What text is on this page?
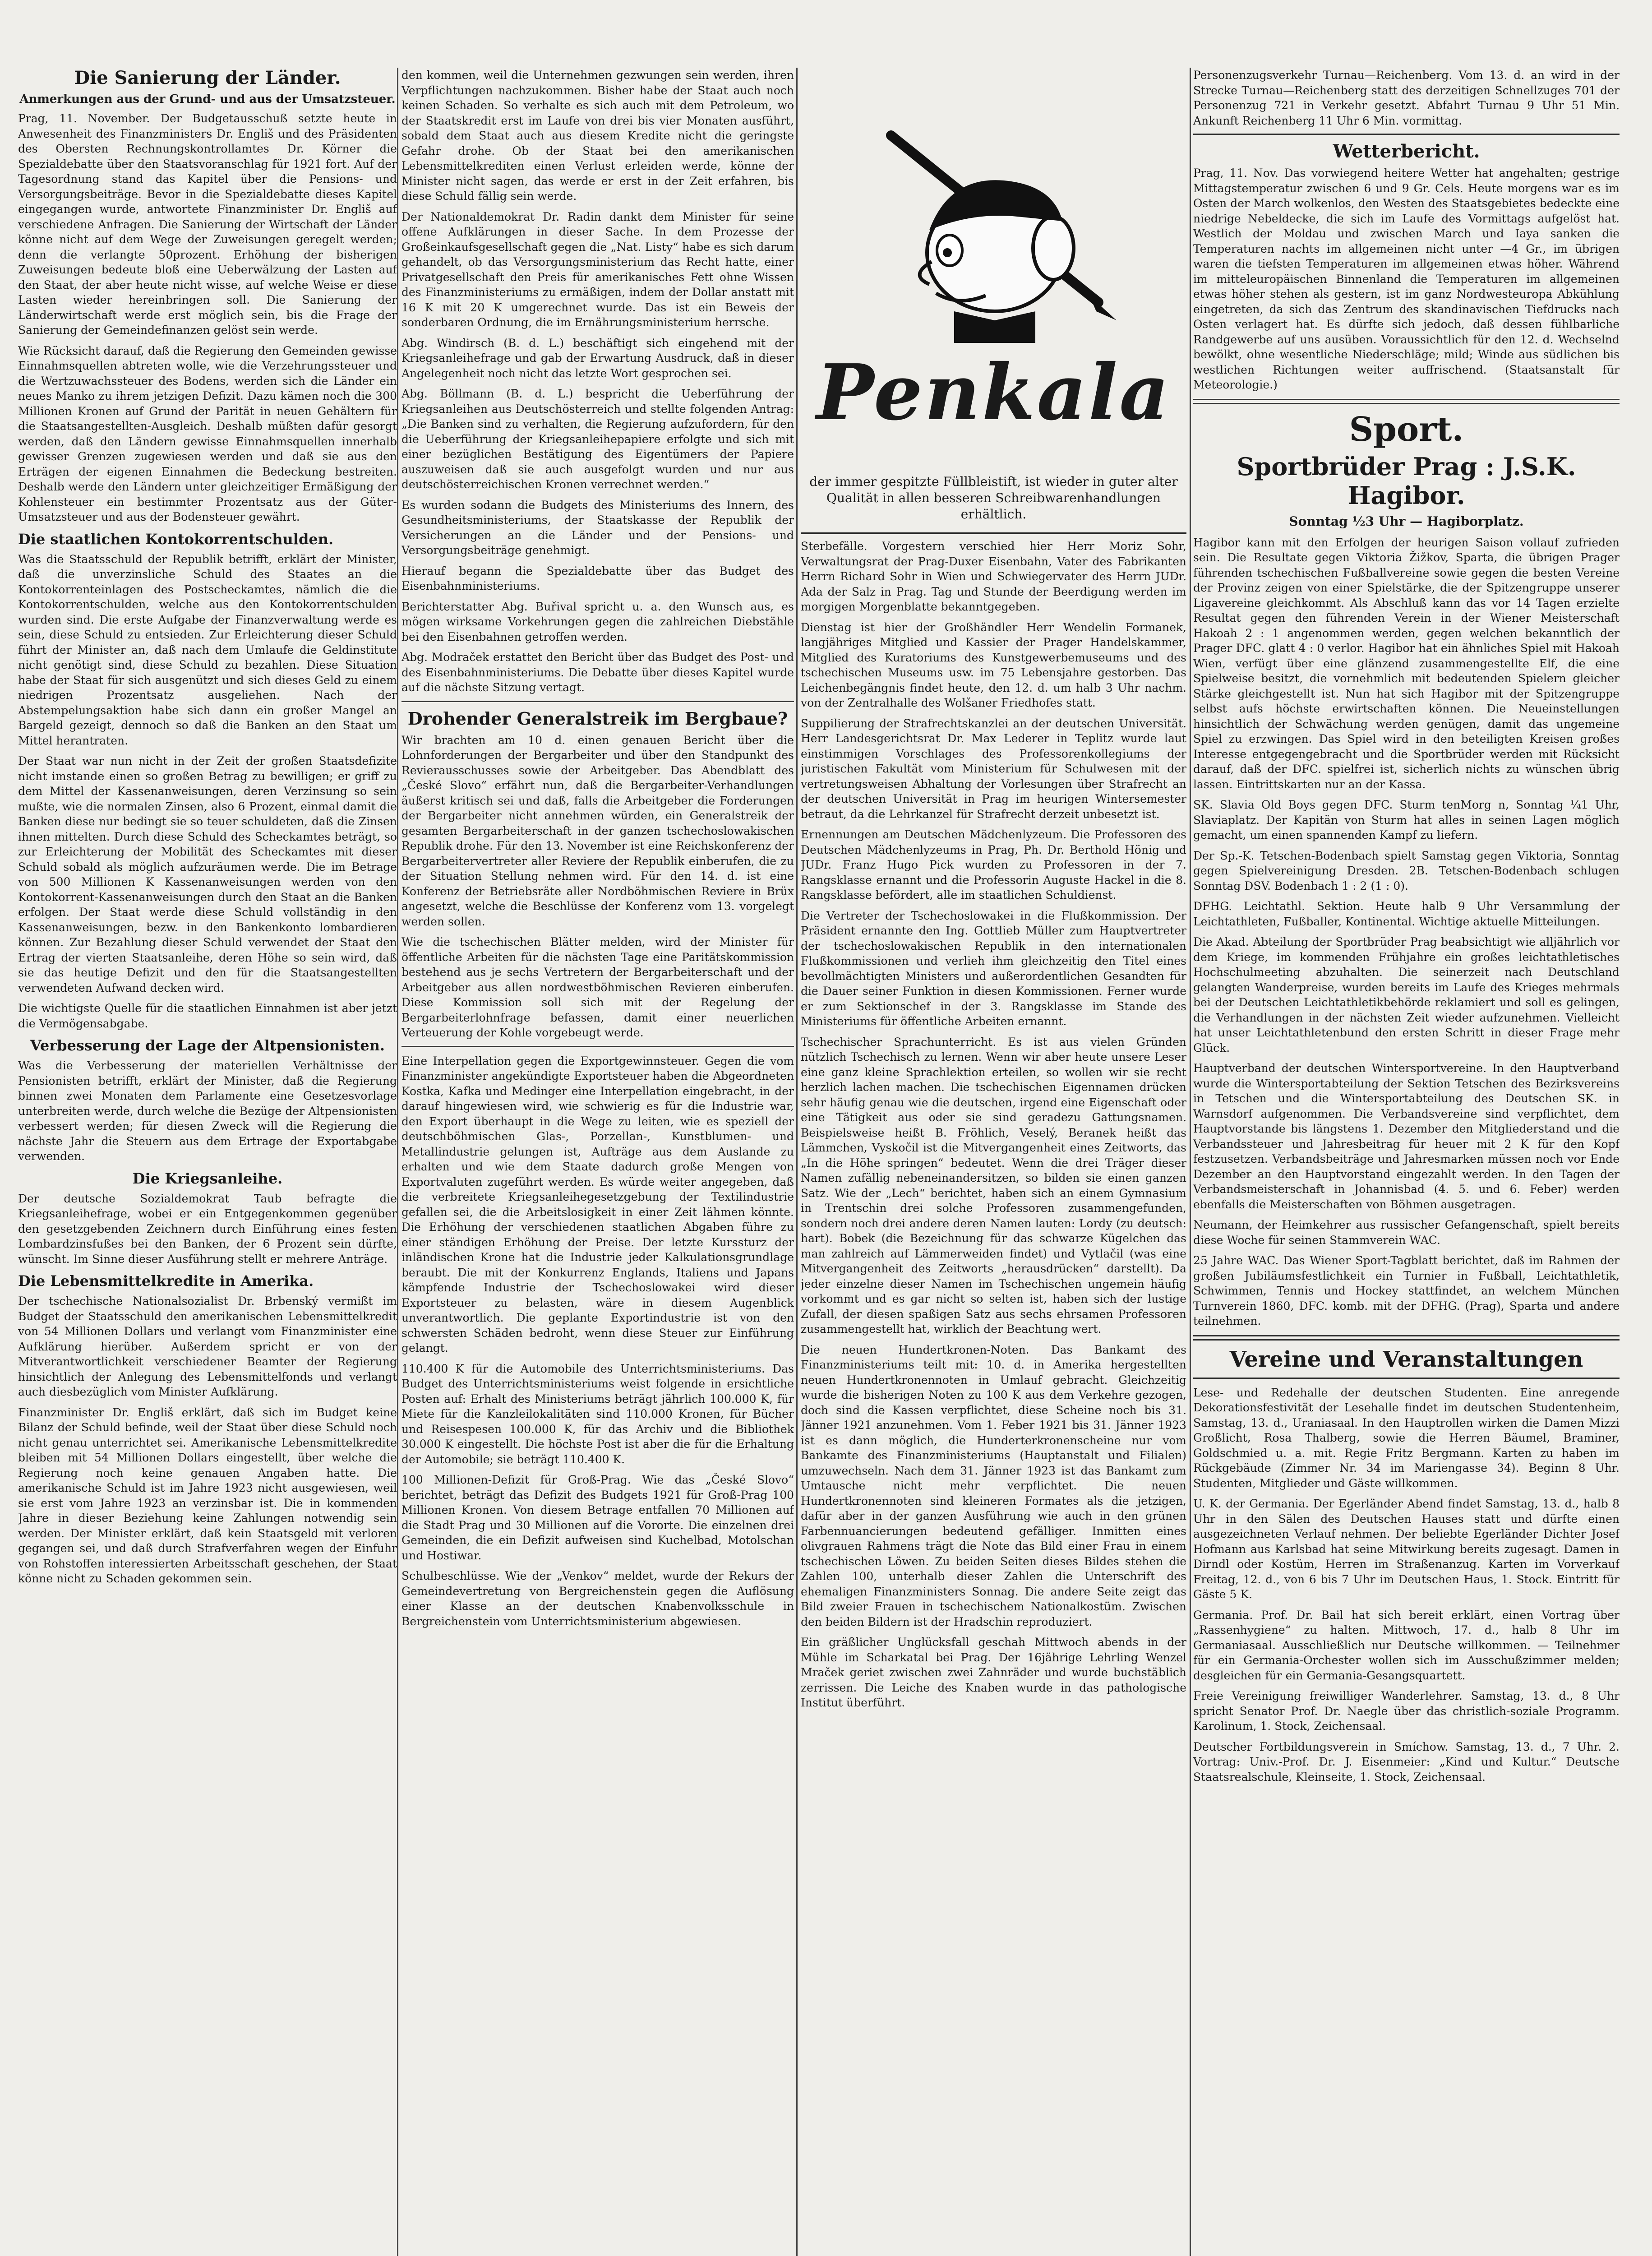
Die Sanierung der Länder.
Anmerkungen aus der Grund- und aus der Umsatzsteuer.
Prag, 11. November. Der Budgetausschuß setzte heute in Anwesenheit des Finanzministers Dr. Engliš und des Präsidenten des Obersten Rechnungskontrollamtes Dr. Körner die Spezialdebatte über den Staatsvoranschlag für 1921 fort. Auf der Tagesordnung stand das Kapitel über die Pensions- und Versorgungsbeiträge. Bevor in die Spezialdebatte dieses Kapitel eingegangen wurde, antwortete Finanzminister Dr. Engliš auf verschiedene Anfragen. Die Sanierung der Wirtschaft der Länder könne nicht auf dem Wege der Zuweisungen geregelt werden; denn die verlangte 50prozent. Erhöhung der bisherigen Zuweisungen bedeute bloß eine Ueberwälzung der Lasten auf den Staat, der aber heute nicht wisse, auf welche Weise er diese Lasten wieder hereinbringen soll. Die Sanierung der Länderwirtschaft werde erst möglich sein, bis die Frage der Sanierung der Gemeindefinanzen gelöst sein werde.
Wie Rücksicht darauf, daß die Regierung den Gemeinden gewisse Einnahmsquellen abtreten wolle, wie die Verzehrungssteuer und die Wertzuwachssteuer des Bodens, werden sich die Länder ein neues Manko zu ihrem jetzigen Defizit. Dazu kämen noch die 300 Millionen Kronen auf Grund der Parität in neuen Gehältern für die Staatsangestellten-Ausgleich. Deshalb müßten dafür gesorgt werden, daß den Ländern gewisse Einnahmsquellen innerhalb gewisser Grenzen zugewiesen werden und daß sie aus den Erträgen der eigenen Einnahmen die Bedeckung bestreiten. Deshalb werde den Ländern unter gleichzeitiger Ermäßigung der Kohlensteuer ein bestimmter Prozentsatz aus der Güter-Umsatzsteuer und aus der Bodensteuer gewährt.
Die staatlichen Kontokorrentschulden.
Was die Staatsschuld der Republik betrifft, erklärt der Minister, daß die unverzinsliche Schuld des Staates an die Kontokorrenteinlagen des Postscheckamtes, nämlich die die Kontokorrentschulden, welche aus den Kontokorrentschulden wurden sind. Die erste Aufgabe der Finanzverwaltung werde es sein, diese Schuld zu entsieden. Zur Erleichterung dieser Schuld führt der Minister an, daß nach dem Umlaufe die Geldinstitute nicht genötigt sind, diese Schuld zu bezahlen. Diese Situation habe der Staat für sich ausgenützt und sich dieses Geld zu einem niedrigen Prozentsatz ausgeliehen. Nach der Abstempelungsaktion habe sich dann ein großer Mangel an Bargeld gezeigt, dennoch so daß die Banken an den Staat um Mittel herantraten.
Der Staat war nun nicht in der Zeit der großen Staatsdefizite nicht imstande einen so großen Betrag zu bewilligen; er griff zu dem Mittel der Kassenanweisungen, deren Verzinsung so sein mußte, wie die normalen Zinsen, also 6 Prozent, einmal damit die Banken diese nur bedingt sie so teuer schuldeten, daß die Zinsen ihnen mittelten. Durch diese Schuld des Scheckamtes beträgt, so zur Erleichterung der Mobilität des Scheckamtes mit dieser Schuld sobald als möglich aufzuräumen werde. Die im Betrage von 500 Millionen K Kassenanweisungen werden von den Kontokorrent-Kassenanweisungen durch den Staat an die Banken erfolgen. Der Staat werde diese Schuld vollständig in den Kassenanweisungen, bezw. in den Bankenkonto lombardieren können. Zur Bezahlung dieser Schuld verwendet der Staat den Ertrag der vierten Staatsanleihe, deren Höhe so sein wird, daß sie das heutige Defizit und den für die Staatsangestellten verwendeten Aufwand decken wird.
Die wichtigste Quelle für die staatlichen Einnahmen ist aber jetzt die Vermögensabgabe.
Verbesserung der Lage der Altpensionisten.
Was die Verbesserung der materiellen Verhältnisse der Pensionisten betrifft, erklärt der Minister, daß die Regierung binnen zwei Monaten dem Parlamente eine Gesetzesvorlage unterbreiten werde, durch welche die Bezüge der Altpensionisten verbessert werden; für diesen Zweck will die Regierung die nächste Jahr die Steuern aus dem Ertrage der Exportabgabe verwenden.
Die Kriegsanleihe.
Der deutsche Sozialdemokrat Taub befragte die Kriegsanleihefrage, wobei er ein Entgegenkommen gegenüber den gesetzgebenden Zeichnern durch Einführung eines festen Lombardzinsfußes bei den Banken, der 6 Prozent sein dürfte, wünscht. Im Sinne dieser Ausführung stellt er mehrere Anträge.
Die Lebensmittelkredite in Amerika.
Der tschechische Nationalsozialist Dr. Brbenský vermißt im Budget der Staatsschuld den amerikanischen Lebensmittelkredit von 54 Millionen Dollars und verlangt vom Finanzminister eine Aufklärung hierüber. Außerdem spricht er von der Mitverantwortlichkeit verschiedener Beamter der Regierung hinsichtlich der Anlegung des Lebensmittelfonds und verlangt auch diesbezüglich vom Minister Aufklärung.
Finanzminister Dr. Engliš erklärt, daß sich im Budget keine Bilanz der Schuld befinde, weil der Staat über diese Schuld noch nicht genau unterrichtet sei. Amerikanische Lebensmittelkredite bleiben mit 54 Millionen Dollars eingestellt, über welche die Regierung noch keine genauen Angaben hatte. Die amerikanische Schuld ist im Jahre 1923 nicht ausgewiesen, weil sie erst vom Jahre 1923 an verzinsbar ist. Die in kommenden Jahre in dieser Beziehung keine Zahlungen notwendig sein werden. Der Minister erklärt, daß kein Staatsgeld mit verloren gegangen sei, und daß durch Strafverfahren wegen der Einfuhr von Rohstoffen interessierten Arbeitsschaft geschehen, der Staat könne nicht zu Schaden gekommen sein.
den kommen, weil die Unternehmen gezwungen sein werden, ihren Verpflichtungen nachzukommen. Bisher habe der Staat auch noch keinen Schaden. So verhalte es sich auch mit dem Petroleum, wo der Staatskredit erst im Laufe von drei bis vier Monaten ausführt, sobald dem Staat auch aus diesem Kredite nicht die geringste Gefahr drohe. Ob der Staat bei den amerikanischen Lebensmittelkrediten einen Verlust erleiden werde, könne der Minister nicht sagen, das werde er erst in der Zeit erfahren, bis diese Schuld fällig sein werde.
Der Nationaldemokrat Dr. Radin dankt dem Minister für seine offene Aufklärungen in dieser Sache. In dem Prozesse der Großeinkaufsgesellschaft gegen die „Nat. Listy“ habe es sich darum gehandelt, ob das Versorgungsministerium das Recht hatte, einer Privatgesellschaft den Preis für amerikanisches Fett ohne Wissen des Finanzministeriums zu ermäßigen, indem der Dollar anstatt mit 16 K mit 20 K umgerechnet wurde. Das ist ein Beweis der sonderbaren Ordnung, die im Ernährungsministerium herrsche.
Abg. Windirsch (B. d. L.) beschäftigt sich eingehend mit der Kriegsanleihefrage und gab der Erwartung Ausdruck, daß in dieser Angelegenheit noch nicht das letzte Wort gesprochen sei.
Abg. Böllmann (B. d. L.) bespricht die Ueberführung der Kriegsanleihen aus Deutschösterreich und stellte folgenden Antrag: „Die Banken sind zu verhalten, die Regierung aufzufordern, für den die Ueberführung der Kriegsanleihepapiere erfolgte und sich mit einer bezüglichen Bestätigung des Eigentümers der Papiere auszuweisen daß sie auch ausgefolgt wurden und nur aus deutschösterreichischen Kronen verrechnet werden.“
Es wurden sodann die Budgets des Ministeriums des Innern, des Gesundheitsministeriums, der Staatskasse der Republik der Versicherungen an die Länder und der Pensions- und Versorgungsbeiträge genehmigt.
Hierauf begann die Spezialdebatte über das Budget des Eisenbahnministeriums.
Berichterstatter Abg. Buřival spricht u. a. den Wunsch aus, es mögen wirksame Vorkehrungen gegen die zahlreichen Diebstähle bei den Eisenbahnen getroffen werden.
Abg. Modraček erstattet den Bericht über das Budget des Post- und des Eisenbahnministeriums. Die Debatte über dieses Kapitel wurde auf die nächste Sitzung vertagt.
Drohender Generalstreik im Bergbaue?
Wir brachten am 10 d. einen genauen Bericht über die Lohnforderungen der Bergarbeiter und über den Standpunkt des Revierausschusses sowie der Arbeitgeber. Das Abendblatt des „České Slovo“ erfährt nun, daß die Bergarbeiter-Verhandlungen äußerst kritisch sei und daß, falls die Arbeitgeber die Forderungen der Bergarbeiter nicht annehmen würden, ein Generalstreik der gesamten Bergarbeiterschaft in der ganzen tschechoslowakischen Republik drohe. Für den 13. November ist eine Reichskonferenz der Bergarbeitervertreter aller Reviere der Republik einberufen, die zu der Situation Stellung nehmen wird. Für den 14. d. ist eine Konferenz der Betriebsräte aller Nordböhmischen Reviere in Brüx angesetzt, welche die Beschlüsse der Konferenz vom 13. vorgelegt werden sollen.
Wie die tschechischen Blätter melden, wird der Minister für öffentliche Arbeiten für die nächsten Tage eine Paritätskommission bestehend aus je sechs Vertretern der Bergarbeiterschaft und der Arbeitgeber aus allen nordwestböhmischen Revieren einberufen. Diese Kommission soll sich mit der Regelung der Bergarbeiterlohnfrage befassen, damit einer neuerlichen Verteuerung der Kohle vorgebeugt werde.
Eine Interpellation gegen die Exportgewinnsteuer. Gegen die vom Finanzminister angekündigte Exportsteuer haben die Abgeordneten Kostka, Kafka und Medinger eine Interpellation eingebracht, in der darauf hingewiesen wird, wie schwierig es für die Industrie war, den Export überhaupt in die Wege zu leiten, wie es speziell der deutschböhmischen Glas-, Porzellan-, Kunstblumen- und Metallindustrie gelungen ist, Aufträge aus dem Auslande zu erhalten und wie dem Staate dadurch große Mengen von Exportvaluten zugeführt werden. Es würde weiter angegeben, daß die verbreitete Kriegsanleihegesetzgebung der Textilindustrie gefallen sei, die die Arbeitslosigkeit in einer Zeit lähmen könnte. Die Erhöhung der verschiedenen staatlichen Abgaben führe zu einer ständigen Erhöhung der Preise. Der letzte Kurssturz der inländischen Krone hat die Industrie jeder Kalkulationsgrundlage beraubt. Die mit der Konkurrenz Englands, Italiens und Japans kämpfende Industrie der Tschechoslowakei wird dieser Exportsteuer zu belasten, wäre in diesem Augenblick unverantwortlich. Die geplante Exportindustrie ist von den schwersten Schäden bedroht, wenn diese Steuer zur Einführung gelangt.
110.400 K für die Automobile des Unterrichtsministeriums. Das Budget des Unterrichtsministeriums weist folgende in ersichtliche Posten auf: Erhalt des Ministeriums beträgt jährlich 100.000 K, für Miete für die Kanzleilokalitäten sind 110.000 Kronen, für Bücher und Reisespesen 100.000 K, für das Archiv und die Bibliothek 30.000 K eingestellt. Die höchste Post ist aber die für die Erhaltung der Automobile; sie beträgt 110.400 K.
100 Millionen-Defizit für Groß-Prag. Wie das „České Slovo“ berichtet, beträgt das Defizit des Budgets 1921 für Groß-Prag 100 Millionen Kronen. Von diesem Betrage entfallen 70 Millionen auf die Stadt Prag und 30 Millionen auf die Vororte. Die einzelnen drei Gemeinden, die ein Defizit aufweisen sind Kuchelbad, Motolschan und Hostiwar.
Schulbeschlüsse. Wie der „Venkov“ meldet, wurde der Rekurs der Gemeindevertretung von Bergreichenstein gegen die Auflösung einer Klasse an der deutschen Knabenvolksschule in Bergreichenstein vom Unterrichtsministerium abgewiesen.
Penkala
der immer gespitzte Füllbleistift, ist wieder in guter alter Qualität in allen besseren Schreibwarenhandlungen erhältlich.
Sterbefälle. Vorgestern verschied hier Herr Moriz Sohr, Verwaltungsrat der Prag-Duxer Eisenbahn, Vater des Fabrikanten Herrn Richard Sohr in Wien und Schwiegervater des Herrn JUDr. Ada der Salz in Prag. Tag und Stunde der Beerdigung werden im morgigen Morgenblatte bekanntgegeben.
Dienstag ist hier der Großhändler Herr Wendelin Formanek, langjähriges Mitglied und Kassier der Prager Handelskammer, Mitglied des Kuratoriums des Kunstgewerbemuseums und des tschechischen Museums usw. im 75 Lebensjahre gestorben. Das Leichenbegängnis findet heute, den 12. d. um halb 3 Uhr nachm. von der Zentralhalle des Wolšaner Friedhofes statt.
Suppilierung der Strafrechtskanzlei an der deutschen Universität. Herr Landesgerichtsrat Dr. Max Lederer in Teplitz wurde laut einstimmigen Vorschlages des Professorenkollegiums der juristischen Fakultät vom Ministerium für Schulwesen mit der vertretungsweisen Abhaltung der Vorlesungen über Strafrecht an der deutschen Universität in Prag im heurigen Wintersemester betraut, da die Lehrkanzel für Strafrecht derzeit unbesetzt ist.
Ernennungen am Deutschen Mädchenlyzeum. Die Professoren des Deutschen Mädchenlyzeums in Prag, Ph. Dr. Berthold Hönig und JUDr. Franz Hugo Pick wurden zu Professoren in der 7. Rangsklasse ernannt und die Professorin Auguste Hackel in die 8. Rangsklasse befördert, alle im staatlichen Schuldienst.
Die Vertreter der Tschechoslowakei in die Flußkommission. Der Präsident ernannte den Ing. Gottlieb Müller zum Hauptvertreter der tschechoslowakischen Republik in den internationalen Flußkommissionen und verlieh ihm gleichzeitig den Titel eines bevollmächtigten Ministers und außerordentlichen Gesandten für die Dauer seiner Funktion in diesen Kommissionen. Ferner wurde er zum Sektionschef in der 3. Rangsklasse im Stande des Ministeriums für öffentliche Arbeiten ernannt.
Tschechischer Sprachunterricht. Es ist aus vielen Gründen nützlich Tschechisch zu lernen. Wenn wir aber heute unsere Leser eine ganz kleine Sprachlektion erteilen, so wollen wir sie recht herzlich lachen machen. Die tschechischen Eigennamen drücken sehr häufig genau wie die deutschen, irgend eine Eigenschaft oder eine Tätigkeit aus oder sie sind geradezu Gattungsnamen. Beispielsweise heißt B. Fröhlich, Veselý, Beranek heißt das Lämmchen, Vyskočil ist die Mitvergangenheit eines Zeitworts, das „In die Höhe springen“ bedeutet. Wenn die drei Träger dieser Namen zufällig nebeneinandersitzen, so bilden sie einen ganzen Satz. Wie der „Lech“ berichtet, haben sich an einem Gymnasium in Trentschin drei solche Professoren zusammengefunden, sondern noch drei andere deren Namen lauten: Lordy (zu deutsch: hart). Bobek (die Bezeichnung für das schwarze Kügelchen das man zahlreich auf Lämmerweiden findet) und Vytlačil (was eine Mitvergangenheit des Zeitworts „herausdrücken“ darstellt). Da jeder einzelne dieser Namen im Tschechischen ungemein häufig vorkommt und es gar nicht so selten ist, haben sich der lustige Zufall, der diesen spaßigen Satz aus sechs ehrsamen Professoren zusammengestellt hat, wirklich der Beachtung wert.
Die neuen Hundertkronen-Noten. Das Bankamt des Finanzministeriums teilt mit: 10. d. in Amerika hergestellten neuen Hundertkronennoten in Umlauf gebracht. Gleichzeitig wurde die bisherigen Noten zu 100 K aus dem Verkehre gezogen, doch sind die Kassen verpflichtet, diese Scheine noch bis 31. Jänner 1921 anzunehmen. Vom 1. Feber 1921 bis 31. Jänner 1923 ist es dann möglich, die Hunderterkronenscheine nur vom Bankamte des Finanzministeriums (Hauptanstalt und Filialen) umzuwechseln. Nach dem 31. Jänner 1923 ist das Bankamt zum Umtausche nicht mehr verpflichtet. Die neuen Hundertkronennoten sind kleineren Formates als die jetzigen, dafür aber in der ganzen Ausführung wie auch in den grünen Farbennuancierungen bedeutend gefälliger. Inmitten eines olivgrauen Rahmens trägt die Note das Bild einer Frau in einem tschechischen Löwen. Zu beiden Seiten dieses Bildes stehen die Zahlen 100, unterhalb dieser Zahlen die Unterschrift des ehemaligen Finanzministers Sonnag. Die andere Seite zeigt das Bild zweier Frauen in tschechischem Nationalkostüm. Zwischen den beiden Bildern ist der Hradschin reproduziert.
Ein gräßlicher Unglücksfall geschah Mittwoch abends in der Mühle im Scharkatal bei Prag. Der 16jährige Lehrling Wenzel Mraček geriet zwischen zwei Zahnräder und wurde buchstäblich zerrissen. Die Leiche des Knaben wurde in das pathologische Institut überführt.
Personenzugsverkehr Turnau—Reichenberg. Vom 13. d. an wird in der Strecke Turnau—Reichenberg statt des derzeitigen Schnellzuges 701 der Personenzug 721 in Verkehr gesetzt. Abfahrt Turnau 9 Uhr 51 Min. Ankunft Reichenberg 11 Uhr 6 Min. vormittag.
Wetterbericht.
Prag, 11. Nov. Das vorwiegend heitere Wetter hat angehalten; gestrige Mittagstemperatur zwischen 6 und 9 Gr. Cels. Heute morgens war es im Osten der March wolkenlos, den Westen des Staatsgebietes bedeckte eine niedrige Nebeldecke, die sich im Laufe des Vormittags aufgelöst hat. Westlich der Moldau und zwischen March und Iaya sanken die Temperaturen nachts im allgemeinen nicht unter —4 Gr., im übrigen waren die tiefsten Temperaturen im allgemeinen etwas höher. Während im mitteleuropäischen Binnenland die Temperaturen im allgemeinen etwas höher stehen als gestern, ist im ganz Nordwesteuropa Abkühlung eingetreten, da sich das Zentrum des skandinavischen Tiefdrucks nach Osten verlagert hat. Es dürfte sich jedoch, daß dessen fühlbarliche Randgewerbe auf uns ausüben. Voraussichtlich für den 12. d. Wechselnd bewölkt, ohne wesentliche Niederschläge; mild; Winde aus südlichen bis westlichen Richtungen weiter auffrischend. (Staatsanstalt für Meteorologie.)
Sport.
Sportbrüder Prag : J.S.K. Hagibor.
Sonntag ½3 Uhr — Hagiborplatz.
Hagibor kann mit den Erfolgen der heurigen Saison vollauf zufrieden sein. Die Resultate gegen Viktoria Žižkov, Sparta, die übrigen Prager führenden tschechischen Fußballvereine sowie gegen die besten Vereine der Provinz zeigen von einer Spielstärke, die der Spitzengruppe unserer Ligavereine gleichkommt. Als Abschluß kann das vor 14 Tagen erzielte Resultat gegen den führenden Verein in der Wiener Meisterschaft Hakoah 2 : 1 angenommen werden, gegen welchen bekanntlich der Prager DFC. glatt 4 : 0 verlor. Hagibor hat ein ähnliches Spiel mit Hakoah Wien, verfügt über eine glänzend zusammengestellte Elf, die eine Spielweise besitzt, die vornehmlich mit bedeutenden Spielern gleicher Stärke gleichgestellt ist. Nun hat sich Hagibor mit der Spitzengruppe selbst aufs höchste erwirtschaften können. Die Neueinstellungen hinsichtlich der Schwächung werden genügen, damit das ungemeine Spiel zu erzwingen. Das Spiel wird in den beteiligten Kreisen großes Interesse entgegengebracht und die Sportbrüder werden mit Rücksicht darauf, daß der DFC. spielfrei ist, sicherlich nichts zu wünschen übrig lassen. Eintrittskarten nur an der Kassa.
SK. Slavia Old Boys gegen DFC. Sturm tenMorg n, Sonntag ¼1 Uhr, Slaviaplatz. Der Kapitän von Sturm hat alles in seinen Lagen möglich gemacht, um einen spannenden Kampf zu liefern.
Der Sp.-K. Tetschen-Bodenbach spielt Samstag gegen Viktoria, Sonntag gegen Spielvereinigung Dresden. 2B. Tetschen-Bodenbach schlugen Sonntag DSV. Bodenbach 1 : 2 (1 : 0).
DFHG. Leichtathl. Sektion. Heute halb 9 Uhr Versammlung der Leichtathleten, Fußballer, Kontinental. Wichtige aktuelle Mitteilungen.
Die Akad. Abteilung der Sportbrüder Prag beabsichtigt wie alljährlich vor dem Kriege, im kommenden Frühjahre ein großes leichtathletisches Hochschulmeeting abzuhalten. Die seinerzeit nach Deutschland gelangten Wanderpreise, wurden bereits im Laufe des Krieges mehrmals bei der Deutschen Leichtathletikbehörde reklamiert und soll es gelingen, die Verhandlungen in der nächsten Zeit wieder aufzunehmen. Vielleicht hat unser Leichtathletenbund den ersten Schritt in dieser Frage mehr Glück.
Hauptverband der deutschen Wintersportvereine. In den Hauptverband wurde die Wintersportabteilung der Sektion Tetschen des Bezirksvereins in Tetschen und die Wintersportabteilung des Deutschen SK. in Warnsdorf aufgenommen. Die Verbandsvereine sind verpflichtet, dem Hauptvorstande bis längstens 1. Dezember den Mitgliederstand und die Verbandssteuer und Jahresbeitrag für heuer mit 2 K für den Kopf festzusetzen. Verbandsbeiträge und Jahresmarken müssen noch vor Ende Dezember an den Hauptvorstand eingezahlt werden. In den Tagen der Verbandsmeisterschaft in Johannisbad (4. 5. und 6. Feber) werden ebenfalls die Meisterschaften von Böhmen ausgetragen.
Neumann, der Heimkehrer aus russischer Gefangenschaft, spielt bereits diese Woche für seinen Stammverein WAC.
25 Jahre WAC. Das Wiener Sport-Tagblatt berichtet, daß im Rahmen der großen Jubiläumsfestlichkeit ein Turnier in Fußball, Leichtathletik, Schwimmen, Tennis und Hockey stattfindet, an welchem München Turnverein 1860, DFC. komb. mit der DFHG. (Prag), Sparta und andere teilnehmen.
Vereine und Veranstaltungen
Lese- und Redehalle der deutschen Studenten. Eine anregende Dekorationsfestivität der Lesehalle findet im deutschen Studentenheim, Samstag, 13. d., Uraniasaal. In den Hauptrollen wirken die Damen Mizzi Großlicht, Rosa Thalberg, sowie die Herren Bäumel, Braminer, Goldschmied u. a. mit. Regie Fritz Bergmann. Karten zu haben im Rückgebäude (Zimmer Nr. 34 im Mariengasse 34). Beginn 8 Uhr. Studenten, Mitglieder und Gäste willkommen.
U. K. der Germania. Der Egerländer Abend findet Samstag, 13. d., halb 8 Uhr in den Sälen des Deutschen Hauses statt und dürfte einen ausgezeichneten Verlauf nehmen. Der beliebte Egerländer Dichter Josef Hofmann aus Karlsbad hat seine Mitwirkung bereits zugesagt. Damen in Dirndl oder Kostüm, Herren im Straßenanzug. Karten im Vorverkauf Freitag, 12. d., von 6 bis 7 Uhr im Deutschen Haus, 1. Stock. Eintritt für Gäste 5 K.
Germania. Prof. Dr. Bail hat sich bereit erklärt, einen Vortrag über „Rassenhygiene“ zu halten. Mittwoch, 17. d., halb 8 Uhr im Germaniasaal. Ausschließlich nur Deutsche willkommen. — Teilnehmer für ein Germania-Orchester wollen sich im Ausschußzimmer melden; desgleichen für ein Germania-Gesangsquartett.
Freie Vereinigung freiwilliger Wanderlehrer. Samstag, 13. d., 8 Uhr spricht Senator Prof. Dr. Naegle über das christlich-soziale Programm. Karolinum, 1. Stock, Zeichensaal.
Deutscher Fortbildungsverein in Smíchow. Samstag, 13. d., 7 Uhr. 2. Vortrag: Univ.-Prof. Dr. J. Eisenmeier: „Kind und Kultur.“ Deutsche Staatsrealschule, Kleinseite, 1. Stock, Zeichensaal.
